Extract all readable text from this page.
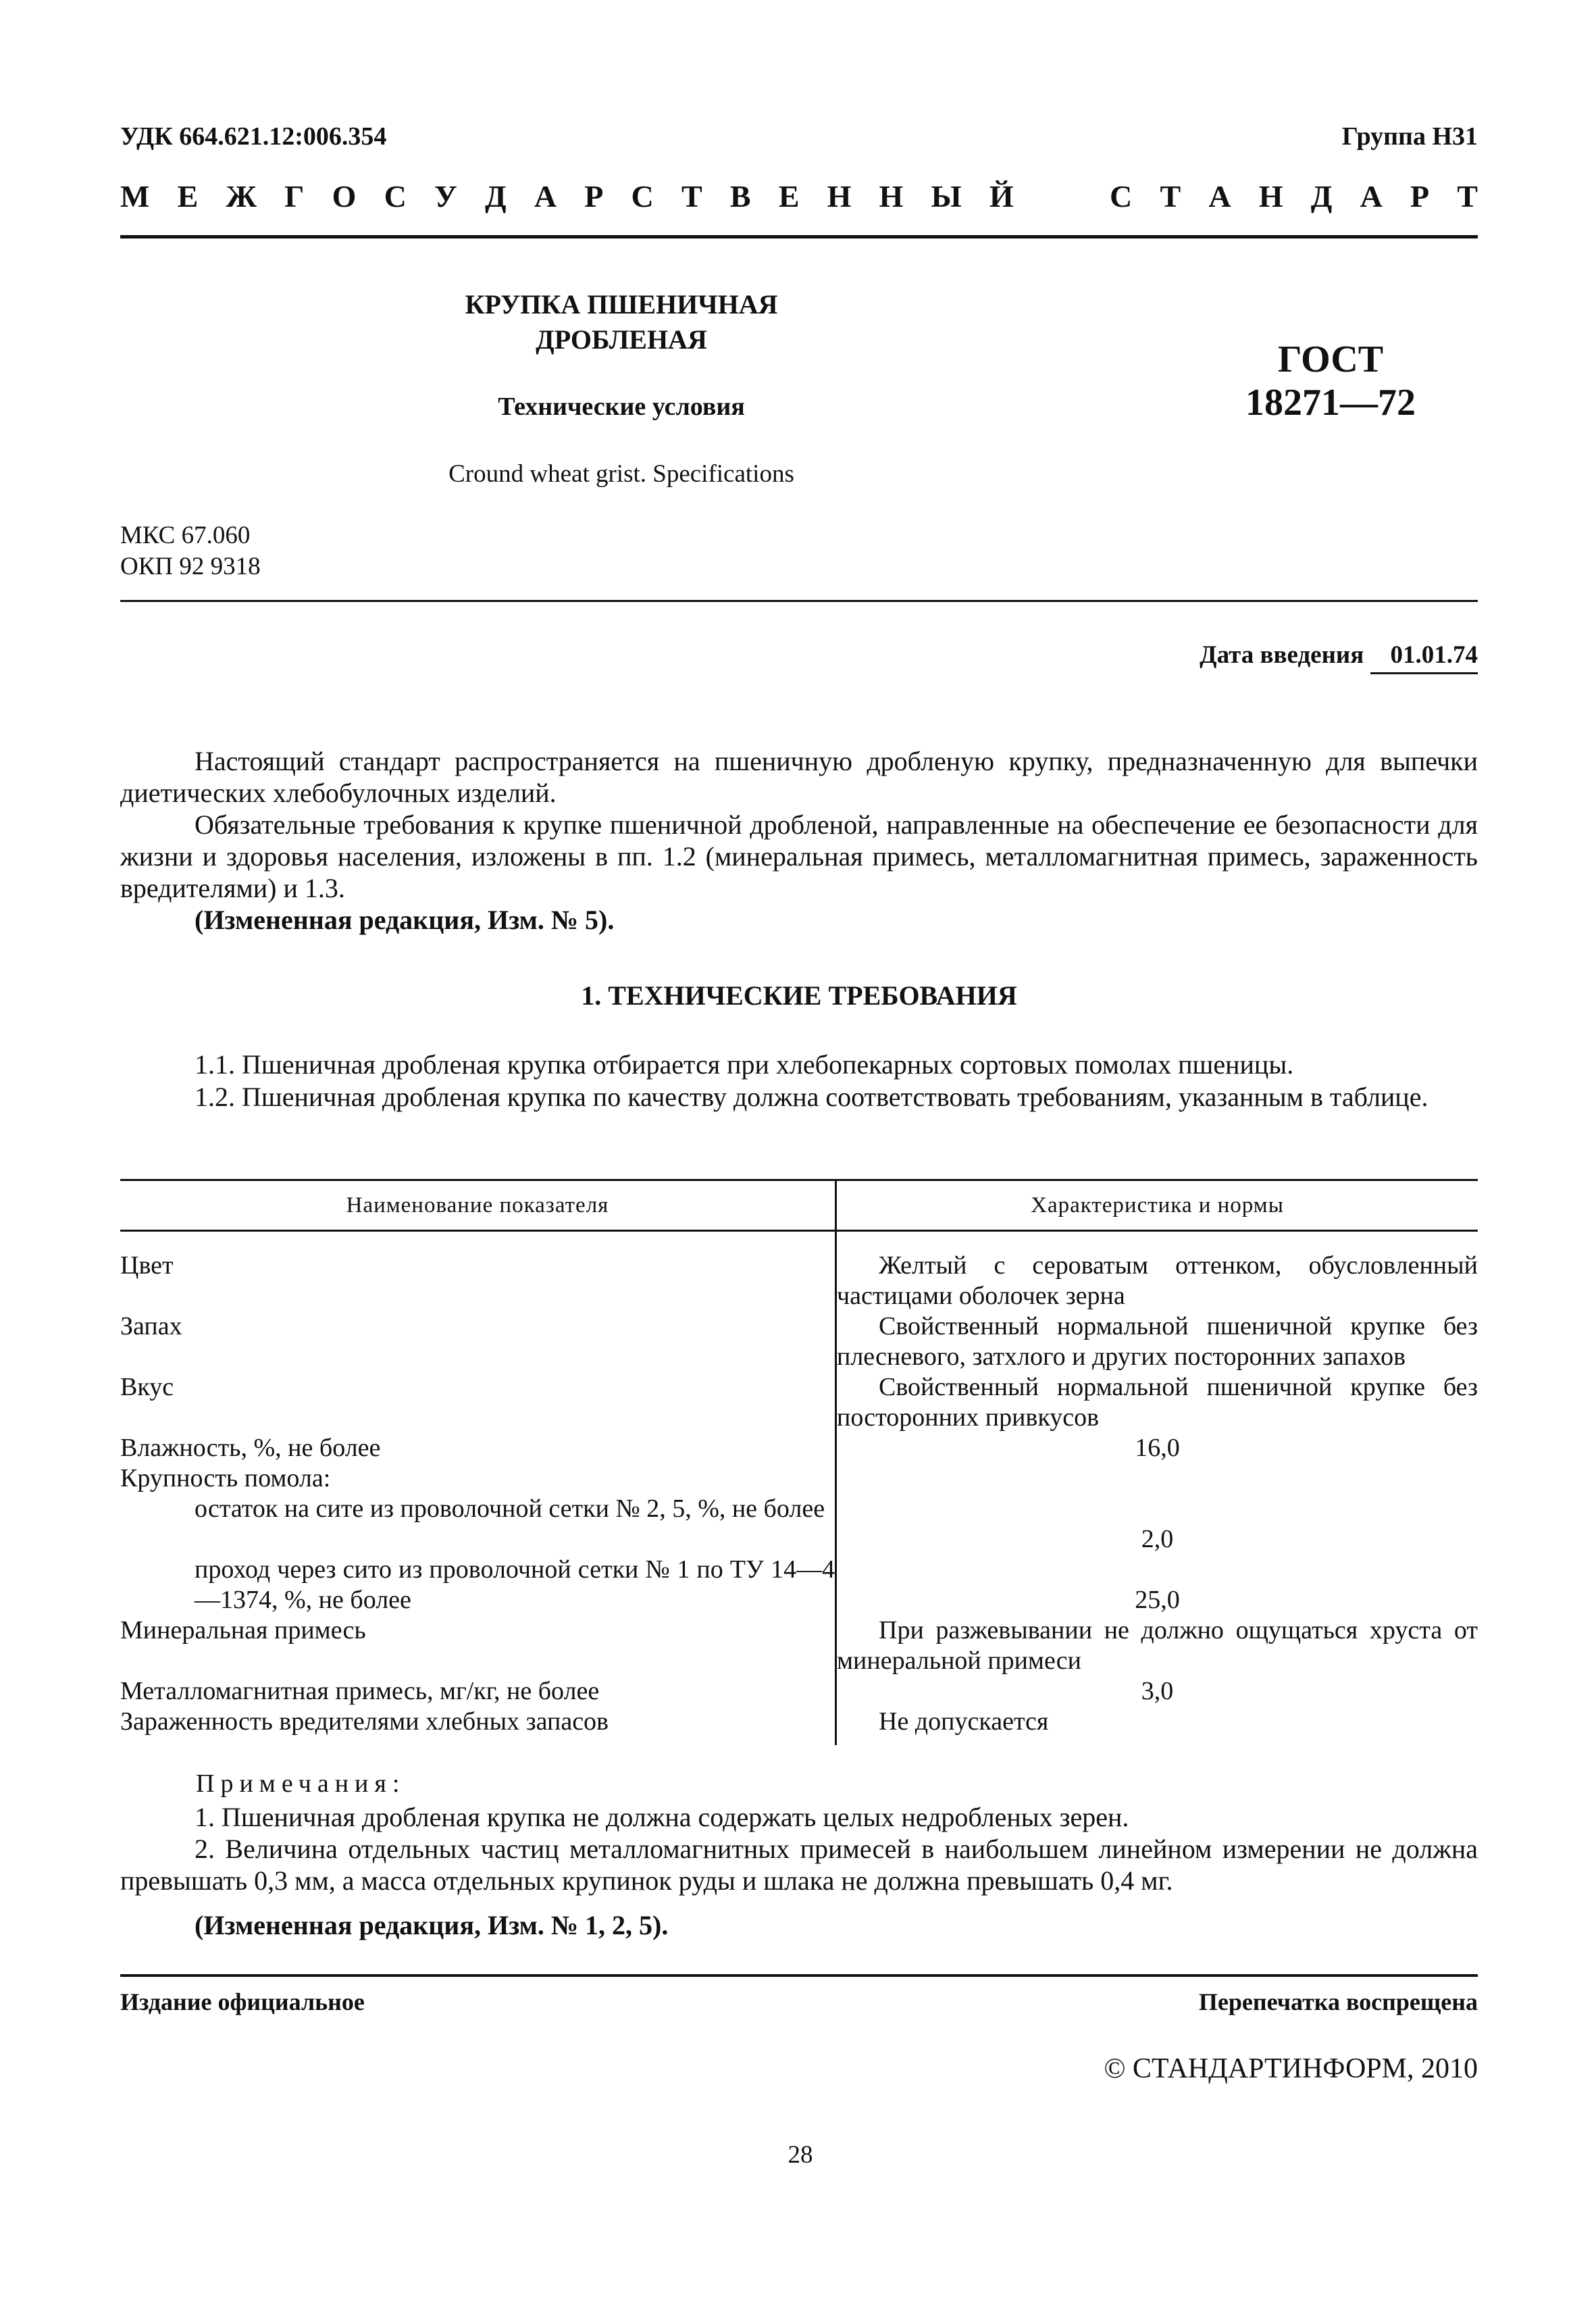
УДК 664.621.12:006.354	Группа Н31
М Е Ж Г О С У Д А Р С Т В Е Н Н Ы Й	С Т А Н Д А Р Т
КРУПКА ПШЕНИЧНАЯ
ДРОБЛЕНАЯ
Технические условия
Cround wheat grist. Specifications
ГОСТ
18271—72
МКС 67.060
ОКП 92 9318
Дата введения 01.01.74
Настоящий стандарт распространяется на пшеничную дробленую крупку, предназначенную для выпечки диетических хлебобулочных изделий.
Обязательные требования к крупке пшеничной дробленой, направленные на обеспечение ее безопасности для жизни и здоровья населения, изложены в пп. 1.2 (минеральная примесь, металломагнитная примесь, зараженность вредителями) и 1.3.
(Измененная редакция, Изм. № 5).
1. ТЕХНИЧЕСКИЕ ТРЕБОВАНИЯ
1.1. Пшеничная дробленая крупка отбирается при хлебопекарных сортовых помолах пшеницы.
1.2. Пшеничная дробленая крупка по качеству должна соответствовать требованиям, указанным в таблице.
Наименование показателя	Характеристика и нормы
Цвет	Желтый с сероватым оттенком, обусловленный частицами оболочек зерна
Запах	Свойственный нормальной пшеничной крупке без плесневого, затхлого и других посторонних запахов
Вкус	Свойственный нормальной пшеничной крупке без посторонних привкусов
Влажность, %, не более	16,0
Крупность помола:	
остаток на сите из проволочной сетки № 2, 5, %, не более	2,0

проход через сито из проволочной сетки № 1 по ТУ 14—4—1374, %, не более	25,0

Минеральная примесь	При разжевывании не должно ощущаться хруста от минеральной примеси
Металломагнитная примесь, мг/кг, не более	3,0
Зараженность вредителями хлебных запасов	Не допускается
Примечания:
1. Пшеничная дробленая крупка не должна содержать целых недробленых зерен.
2. Величина отдельных частиц металломагнитных примесей в наибольшем линейном измерении не должна превышать 0,3 мм, а масса отдельных крупинок руды и шлака не должна превышать 0,4 мг.
(Измененная редакция, Изм. № 1, 2, 5).
Издание официальное	Перепечатка воспрещена
© СТАНДАРТИНФОРМ, 2010
28
